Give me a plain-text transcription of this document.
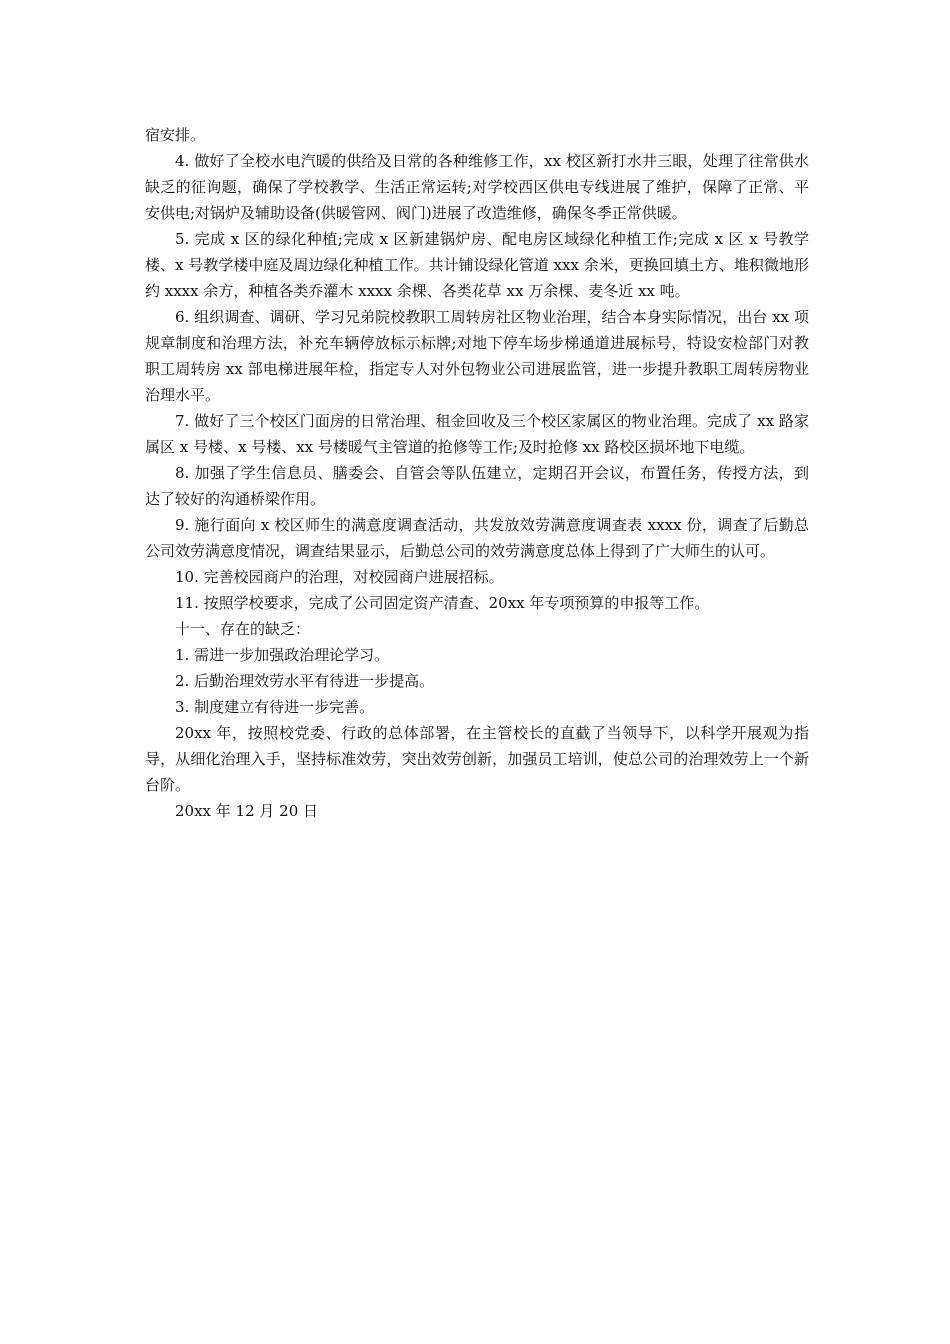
宿安排。

4. 做好了全校水电汽暖的供给及日常的各种维修工作，xx 校区新打水井三眼，处理了往常供水缺乏的征询题，确保了学校教学、生活正常运转;对学校西区供电专线进展了维护，保障了正常、平安供电;对锅炉及辅助设备(供暖管网、阀门)进展了改造维修，确保冬季正常供暖。

5. 完成 x 区的绿化种植;完成 x 区新建锅炉房、配电房区域绿化种植工作;完成 x 区 x 号教学楼、x 号教学楼中庭及周边绿化种植工作。共计铺设绿化管道 xxx 余米，更换回填土方、堆积微地形约 xxxx 余方，种植各类乔灌木 xxxx 余棵、各类花草 xx 万余棵、麦冬近 xx 吨。

6. 组织调查、调研、学习兄弟院校教职工周转房社区物业治理，结合本身实际情况，出台 xx 项规章制度和治理方法，补充车辆停放标示标牌;对地下停车场步梯通道进展标号，特设安检部门对教职工周转房 xx 部电梯进展年检，指定专人对外包物业公司进展监管，进一步提升教职工周转房物业治理水平。

7. 做好了三个校区门面房的日常治理、租金回收及三个校区家属区的物业治理。完成了 xx 路家属区 x 号楼、x 号楼、xx 号楼暖气主管道的抢修等工作;及时抢修 xx 路校区损坏地下电缆。

8. 加强了学生信息员、膳委会、自管会等队伍建立，定期召开会议，布置任务，传授方法，到达了较好的沟通桥梁作用。

9. 施行面向 x 校区师生的满意度调查活动，共发放效劳满意度调查表 xxxx 份，调查了后勤总公司效劳满意度情况，调查结果显示，后勤总公司的效劳满意度总体上得到了广大师生的认可。

10. 完善校园商户的治理，对校园商户进展招标。

11. 按照学校要求，完成了公司固定资产清查、20xx 年专项预算的申报等工作。

十一、存在的缺乏：

1. 需进一步加强政治理论学习。

2. 后勤治理效劳水平有待进一步提高。

3. 制度建立有待进一步完善。

20xx 年，按照校党委、行政的总体部署，在主管校长的直截了当领导下，以科学开展观为指导，从细化治理入手，坚持标准效劳，突出效劳创新，加强员工培训，使总公司的治理效劳上一个新台阶。

20xx 年 12 月 20 日
